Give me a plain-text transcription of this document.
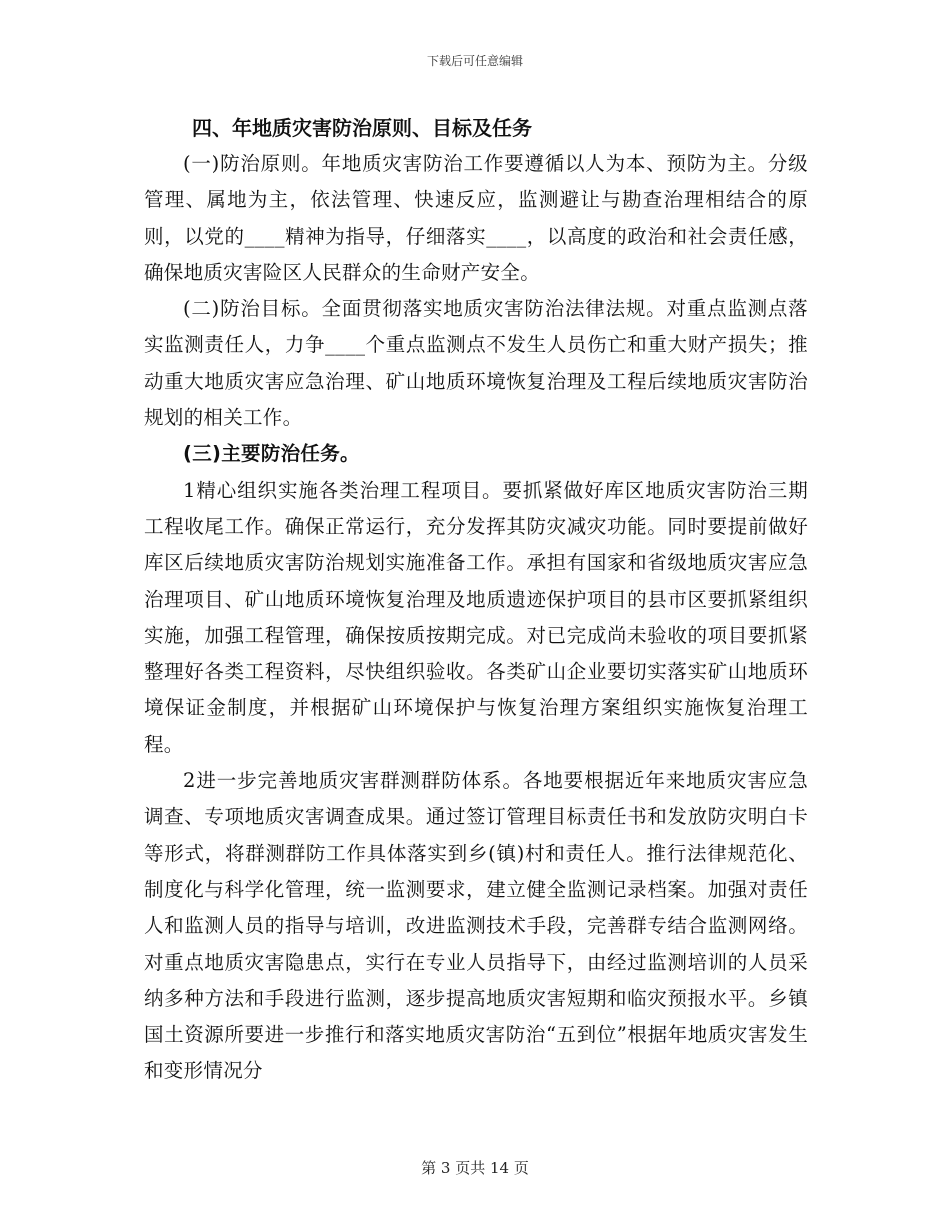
下载后可任意编辑

四、年地质灾害防治原则、目标及任务

(一)防治原则。年地质灾害防治工作要遵循以人为本、预防为主。分级管理、属地为主，依法管理、快速反应，监测避让与勘查治理相结合的原则，以党的____精神为指导，仔细落实____，以高度的政治和社会责任感，确保地质灾害险区人民群众的生命财产安全。

(二)防治目标。全面贯彻落实地质灾害防治法律法规。对重点监测点落实监测责任人，力争____个重点监测点不发生人员伤亡和重大财产损失；推动重大地质灾害应急治理、矿山地质环境恢复治理及工程后续地质灾害防治规划的相关工作。

(三)主要防治任务。

1精心组织实施各类治理工程项目。要抓紧做好库区地质灾害防治三期工程收尾工作。确保正常运行，充分发挥其防灾减灾功能。同时要提前做好库区后续地质灾害防治规划实施准备工作。承担有国家和省级地质灾害应急治理项目、矿山地质环境恢复治理及地质遗迹保护项目的县市区要抓紧组织实施，加强工程管理，确保按质按期完成。对已完成尚未验收的项目要抓紧整理好各类工程资料，尽快组织验收。各类矿山企业要切实落实矿山地质环境保证金制度，并根据矿山环境保护与恢复治理方案组织实施恢复治理工程。

2进一步完善地质灾害群测群防体系。各地要根据近年来地质灾害应急调查、专项地质灾害调查成果。通过签订管理目标责任书和发放防灾明白卡等形式，将群测群防工作具体落实到乡(镇)村和责任人。推行法律规范化、制度化与科学化管理，统一监测要求，建立健全监测记录档案。加强对责任人和监测人员的指导与培训，改进监测技术手段，完善群专结合监测网络。对重点地质灾害隐患点，实行在专业人员指导下，由经过监测培训的人员采纳多种方法和手段进行监测，逐步提高地质灾害短期和临灾预报水平。乡镇国土资源所要进一步推行和落实地质灾害防治“五到位”根据年地质灾害发生和变形情况分

第 3 页共 14 页
